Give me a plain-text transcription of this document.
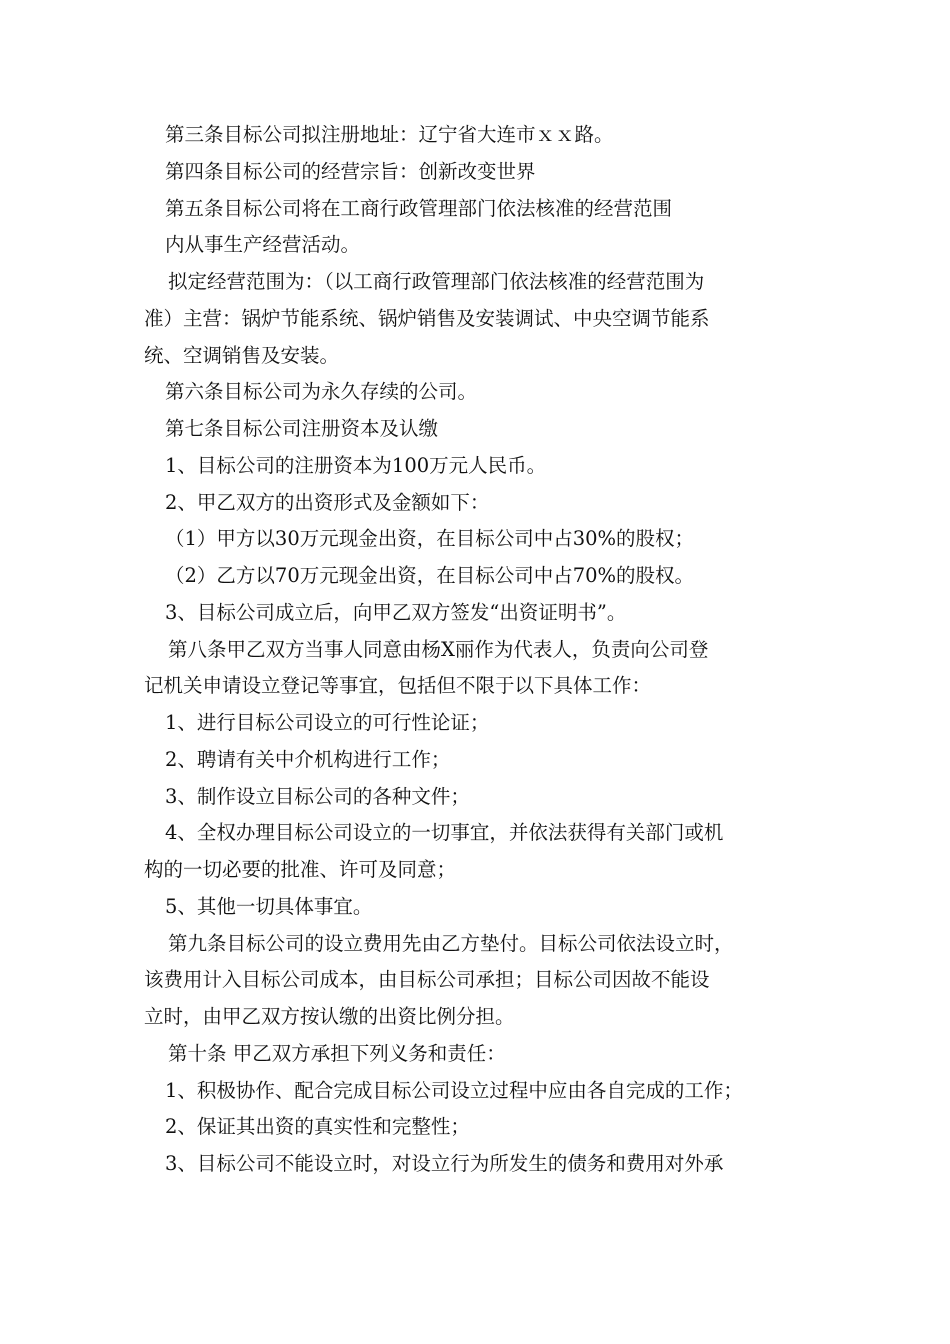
第三条目标公司拟注册地址：辽宁省大连市ｘｘ路。
第四条目标公司的经营宗旨：创新改变世界
第五条目标公司将在工商行政管理部门依法核准的经营范围
内从事生产经营活动。
拟定经营范围为：（以工商行政管理部门依法核准的经营范围为
准）主营：锅炉节能系统、锅炉销售及安装调试、中央空调节能系
统、空调销售及安装。
第六条目标公司为永久存续的公司。
第七条目标公司注册资本及认缴
1、目标公司的注册资本为100万元人民币。
2、甲乙双方的出资形式及金额如下：
（1）甲方以30万元现金出资，在目标公司中占30%的股权；
（2）乙方以70万元现金出资，在目标公司中占70%的股权。
3、目标公司成立后，向甲乙双方签发“出资证明书”。
第八条甲乙双方当事人同意由杨X丽作为代表人，负责向公司登
记机关申请设立登记等事宜，包括但不限于以下具体工作：
1、进行目标公司设立的可行性论证；
2、聘请有关中介机构进行工作；
3、制作设立目标公司的各种文件；
4、全权办理目标公司设立的一切事宜，并依法获得有关部门或机
构的一切必要的批准、许可及同意；
5、其他一切具体事宜。
第九条目标公司的设立费用先由乙方垫付。目标公司依法设立时，
该费用计入目标公司成本，由目标公司承担；目标公司因故不能设
立时，由甲乙双方按认缴的出资比例分担。
第十条 甲乙双方承担下列义务和责任：
1、积极协作、配合完成目标公司设立过程中应由各自完成的工作；
2、保证其出资的真实性和完整性；
3、目标公司不能设立时，对设立行为所发生的债务和费用对外承
